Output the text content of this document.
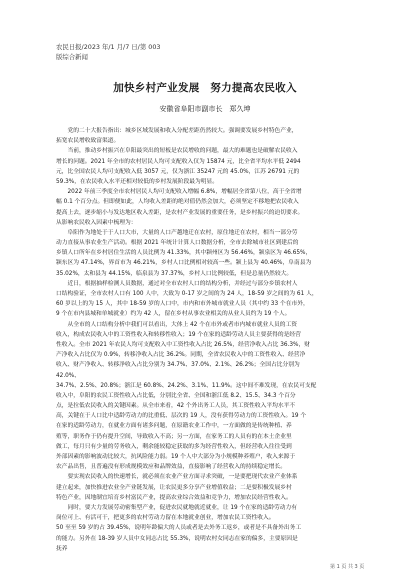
农民日报/2023 年/1 月/7 日/第 003
版综合新闻
加快乡村产业发展　努力提高农民收入
安徽省阜阳市副市长　郑久坤
　　党的二十大报告指出：城乡区域发展和收入分配差距仍然较大。强调要发展乡村特色产业，
拓宽农民增收致富渠道。
　　当前，推动乡村振兴在阜阳最突出的短板是农民增收的问题，最大的难题也是破解农民收入
增长的问题。2021 年全市的农村居民人均可支配收入仅为 15874 元，比全省平均水平低 2494
元，比全国农民人均可支配收入低 3057 元，仅为浙江 35247 元的 45.0%，江苏 26791 元的
59.3%，在农民收入水平还相对较低的乡村发展阶段最为明显。
　　2022 年前三季度全市农村居民人均可支配收入增幅 6.8%，增幅居全省第八位，高于全省增
幅 0.1 个百分点。但即便如此，人均收入差距的绝对值仍然会加大，必须坚定不移地把农民收入
提高上去，逐步缩小与发达地区收入差距，是农村产业发展的重要任务，是乡村振兴的迫切要求。
从影响农民收入因素中梳理为：
　　阜阳作为地处于于人口大市，大量的人口产越地迁在农村，原住地迁在农村，相当一部分劳
动力直接从事农业生产活动。根据 2021 年统计计算人口数据分析，全市去除城市社区到建后的
乡镇人口所年在乡村居住生活的人员比例为 41.33%，其中颍州区为 56.46%，颍泉区为 46.65%，
颍东区为 47.14%，界首市为 46.21%，乡村人口比例相对较高一些。颍上县为 40.46%，阜南县为
35.02%，太和县为 44.15%，临泉县为 37.37%，乡村人口比例较低，但是总量仍然较大。
　　近日，根据抽样检测人员数据，通过对全市农村人口的结构分析，并经过与部分乡镇农村人
口结构验证，全市农村人口有 100 人中，大致为 0-17 岁之间的为 24 人，18-59 岁之间的为 61 人，
60 岁以上的为 15 人，其中 18-59 岁的人口中，市内和市外城市就业人员（其中约 33 个在市外，
9 个在市内县城和单城就业）约为 42 人，留在乡村从事农业相关的从业人员约为 19 个人。
　　从全市的人口结构分析中我们可以看出，大体上 42 个在市外或者市内城市就业人员的工资
收入，构成农民收入中的工资性收入和转移性收入；19 个在家的适龄劳动人员主要获得的是经营
性收入。全市 2021 年农民人均可支配收入中工资性收入占比 26.5%，经营净收入占比 36.3%，财
产净收入占比仅为 0.9%，转移净收入占比 36.2%。同期，全省农民收入中的工资性收入、经营净
收入、财产净收入、转移净收入占比分别为 34.7%、37.0%、2.1%、26.2%；全国占比分别为
42.0%、
34.7%、2.5%、20.8%；浙江是 60.8%、24.2%、3.1%、11.9%。这中间不难发现，在农民可支配
收入中，阜阳的农民工资性收入占比低，分别比全省、全国和浙江低 8.2、15.5、34.3 个百分
点，是拉低农民收入的关键因素。从全市来看，42 个外出务工人员，其工资性收入平均水平不
高，关键在于人口比中适龄劳动力的比重低、层次的 19 人，没有获得劳动力的工资性收入。19 个
在家的适龄劳动力，在就业方面有诸多问题，在原籍农业工作中，一方面做的是传统种植、养
殖等，职务作于仍有提升空间，导致收入不高；另一方面，在家务工的人员有的在本土企业里
做工，每月只有少量的劳务收入，剩余能较稳定获取的多为经营性收入，但经营收入往往受到
外部因素的影响波动比较大，抗风险能力弱。19 个人中大部分为小规模种养殖户，收入来源于
农产品出售，且普遍没有形成规模效应和品牌效益，直接影响了经营收入的持续稳定增长。
　　要实现农民收入的快速增长，就必须在农业产业方面寻求突破，一是要把现代农业产业体系
建立起来，加快推进农业全产业链发展，让农民更多分享产业增值收益；二是要积极发展乡村
特色产业，因地制宜培育乡村富民产业，提高农业综合效益和竞争力，增加农民经营性收入。
　　同时，要大力发展劳动密集型产业，促进农民就地就近就业，让 19 个在家的适龄劳动力有
岗位可上、有活可干，把更多的农村劳动力留在本地就业创业，增加农民工资性收入。
50 至至 59 岁的占 39.45%，说明年龄偏大的人员或者是去外务工返乡，或者是不具备外出务工
的能力。另外在 18-39 岁人员中女同志占比 55.3%，说明农村女同志在家的偏多，主要原因是
抚养
第 1 页 共 3 页
